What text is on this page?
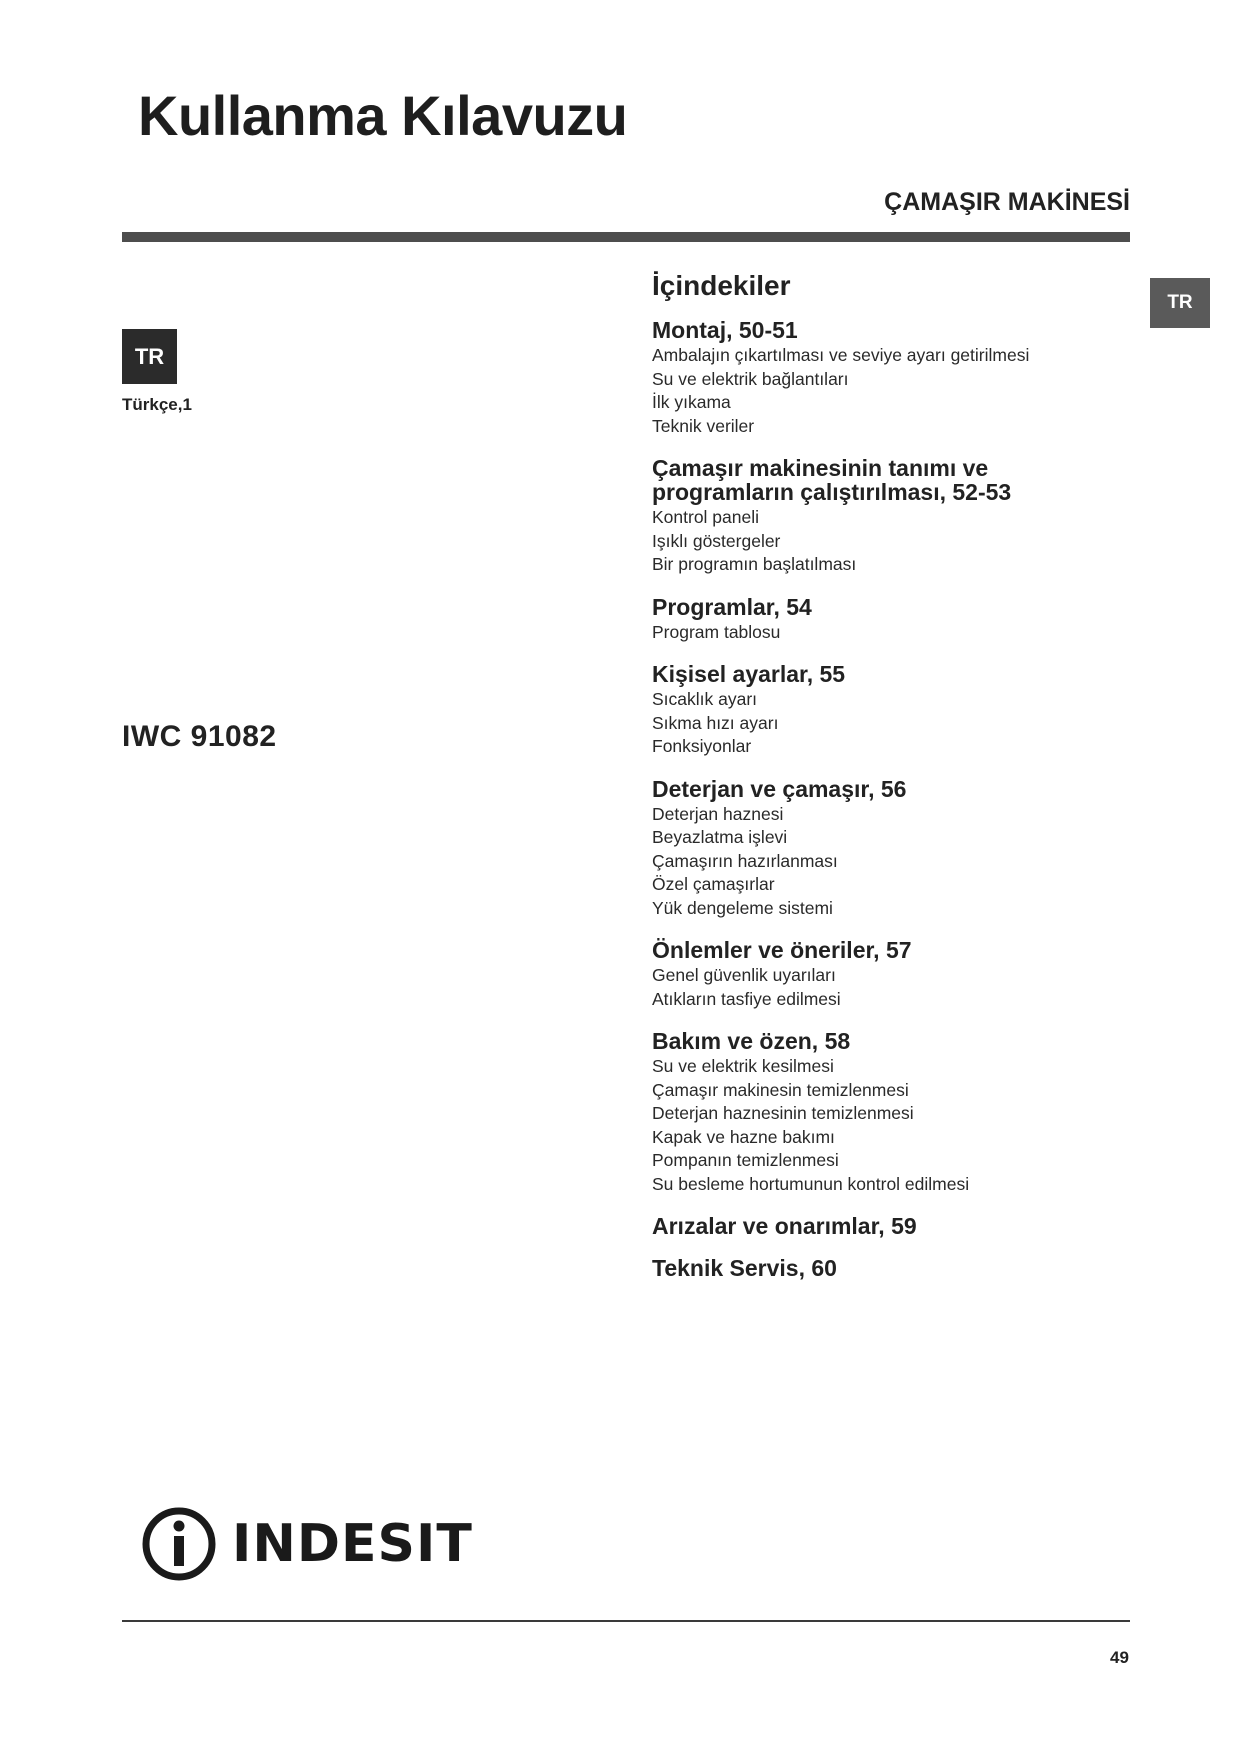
Kullanma Kılavuzu
ÇAMAŞIR MAKİNESİ
TR
TR
Türkçe,1
IWC 91082
İçindekiler
Montaj, 50-51
Ambalajın çıkartılması ve seviye ayarı getirilmesi
Su ve elektrik bağlantıları
İlk yıkama
Teknik veriler
Çamaşır makinesinin tanımı ve programların çalıştırılması, 52-53
Kontrol paneli
Işıklı göstergeler
Bir programın başlatılması
Programlar, 54
Program tablosu
Kişisel ayarlar, 55
Sıcaklık ayarı
Sıkma hızı ayarı
Fonksiyonlar
Deterjan ve çamaşır, 56
Deterjan haznesi
Beyazlatma işlevi
Çamaşırın hazırlanması
Özel çamaşırlar
Yük dengeleme sistemi
Önlemler ve öneriler, 57
Genel güvenlik uyarıları
Atıkların tasfiye edilmesi
Bakım ve özen, 58
Su ve elektrik kesilmesi
Çamaşır makinesin temizlenmesi
Deterjan haznesinin temizlenmesi
Kapak ve hazne bakımı
Pompanın temizlenmesi
Su besleme hortumunun kontrol edilmesi
Arızalar ve onarımlar, 59
Teknik Servis, 60
INDESIT
49
